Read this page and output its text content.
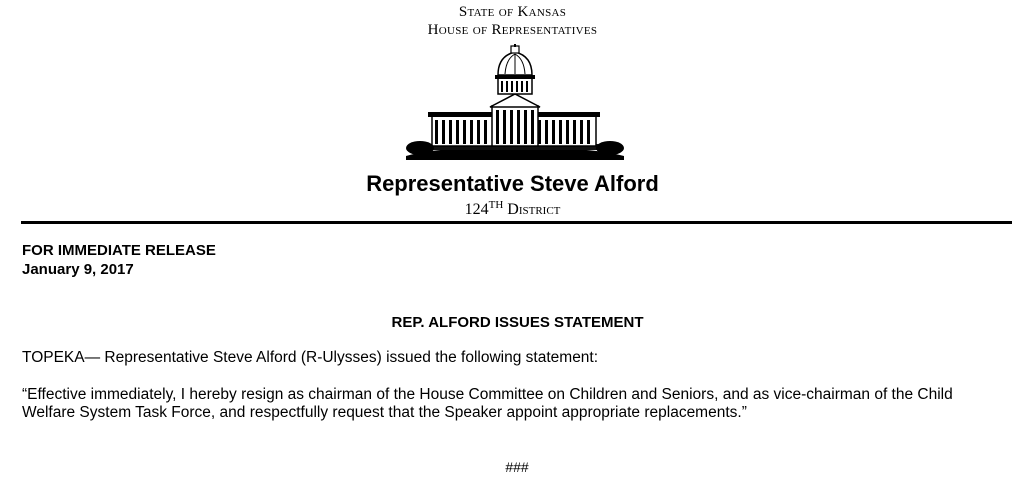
State of Kansas
House of Representatives
Representative Steve Alford
124TH District
FOR IMMEDIATE RELEASE
January 9, 2017
REP. ALFORD ISSUES STATEMENT
TOPEKA— Representative Steve Alford (R-Ulysses) issued the following statement:
“Effective immediately, I hereby resign as chairman of the House Committee on Children and Seniors, and as vice-chairman of the Child Welfare System Task Force, and respectfully request that the Speaker appoint appropriate replacements.”
###
